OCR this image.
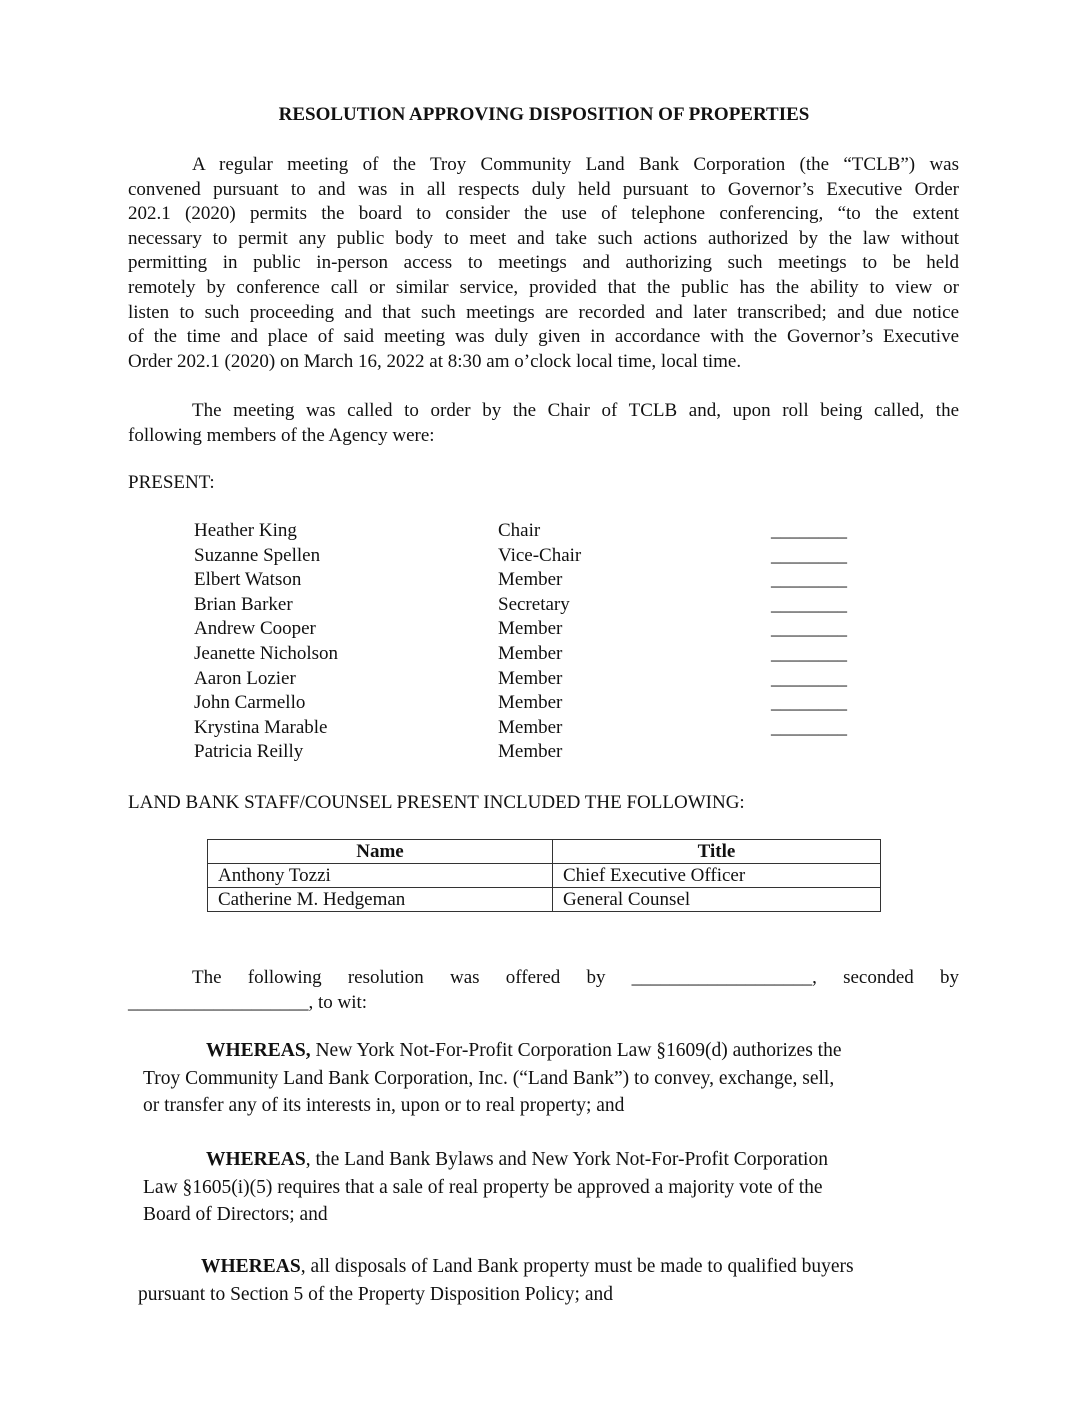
RESOLUTION APPROVING DISPOSITION OF PROPERTIES
A regular meeting of the Troy Community Land Bank Corporation (the “TCLB”) was
convened pursuant to and was in all respects duly held pursuant to Governor’s Executive Order
202.1 (2020) permits the board to consider the use of telephone conferencing, “to the extent
necessary to permit any public body to meet and take such actions authorized by the law without
permitting in public in-person access to meetings and authorizing such meetings to be held
remotely by conference call or similar service, provided that the public has the ability to view or
listen to such proceeding and that such meetings are recorded and later transcribed; and due notice
of the time and place of said meeting was duly given in accordance with the Governor’s Executive
Order 202.1 (2020) on March 16, 2022 at 8:30 am o’clock local time, local time.
The meeting was called to order by the Chair of TCLB and, upon roll being called, the
following members of the Agency were:
PRESENT:
Heather King	Chair	________
Suzanne Spellen	Vice-Chair	________
Elbert Watson	Member	________
Brian Barker	Secretary	________
Andrew Cooper	Member	________
Jeanette Nicholson	Member	________
Aaron Lozier	Member	________
John Carmello	Member	________
Krystina Marable	Member	________
Patricia Reilly	Member
LAND BANK STAFF/COUNSEL PRESENT INCLUDED THE FOLLOWING:
Name	Title
Anthony Tozzi	Chief Executive Officer
Catherine M. Hedgeman	General Counsel
The following resolution was offered by ___________________, seconded by
___________________, to wit:
WHEREAS, New York Not-For-Profit Corporation Law §1609(d) authorizes the
Troy Community Land Bank Corporation, Inc. (“Land Bank”) to convey, exchange, sell,
or transfer any of its interests in, upon or to real property; and
WHEREAS, the Land Bank Bylaws and New York Not-For-Profit Corporation
Law §1605(i)(5) requires that a sale of real property be approved a majority vote of the
Board of Directors; and
WHEREAS, all disposals of Land Bank property must be made to qualified buyers
pursuant to Section 5 of the Property Disposition Policy; and
